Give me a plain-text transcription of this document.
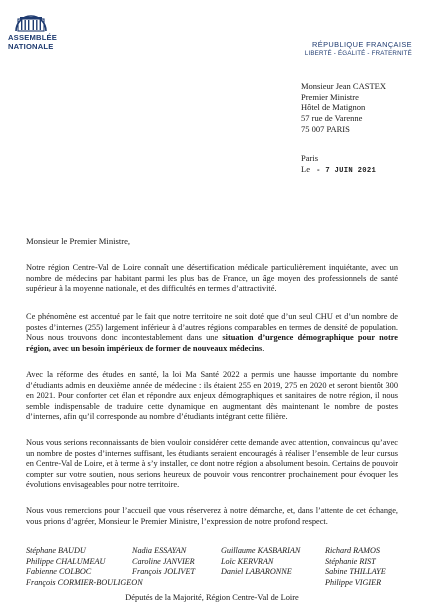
ASSEMBLÉE
NATIONALE	RÉPUBLIQUE FRANÇAISE
LIBERTÉ - ÉGALITÉ - FRATERNITÉ
Monsieur Jean CASTEX
Premier Ministre
Hôtel de Matignon
57 rue de Varenne
75 007 PARIS
Paris
Le - 7 JUIN 2021
Monsieur le Premier Ministre,
Notre région Centre-Val de Loire connaît une désertification médicale particulièrement inquiétante, avec un nombre de médecins par habitant parmi les plus bas de France, un âge moyen des professionnels de santé supérieur à la moyenne nationale, et des difficultés en termes d’attractivité.
Ce phénomène est accentué par le fait que notre territoire ne soit doté que d’un seul CHU et d’un nombre de postes d’internes (255) largement inférieur à d’autres régions comparables en termes de densité de population. Nous nous trouvons donc incontestablement dans une situation d’urgence démographique pour notre région, avec un besoin impérieux de former de nouveaux médecins.
Avec la réforme des études en santé, la loi Ma Santé 2022 a permis une hausse importante du nombre d’étudiants admis en deuxième année de médecine : ils étaient 255 en 2019, 275 en 2020 et seront bientôt 300 en 2021. Pour conforter cet élan et répondre aux enjeux démographiques et sanitaires de notre région, il nous semble indispensable de traduire cette dynamique en augmentant dès maintenant le nombre de postes d’internes, afin qu’il corresponde au nombre d’étudiants intégrant cette filière.
Nous vous serions reconnaissants de bien vouloir considérer cette demande avec attention, convaincus qu’avec un nombre de postes d’internes suffisant, les étudiants seraient encouragés à réaliser l’ensemble de leur cursus en Centre-Val de Loire, et à terme à s’y installer, ce dont notre région a absolument besoin. Certains de pouvoir compter sur votre soutien, nous serions heureux de pouvoir vous rencontrer prochainement pour évoquer les évolutions envisageables pour notre territoire.
Nous vous remercions pour l’accueil que vous réserverez à notre démarche, et, dans l’attente de cet échange, vous prions d’agréer, Monsieur le Premier Ministre, l’expression de notre profond respect.
Stéphane BAUDU
Philippe CHALUMEAU
Fabienne COLBOC
François CORMIER-BOULIGEON
Nadia ESSAYAN
Caroline JANVIER
François JOLIVET
Guillaume KASBARIAN
Loïc KERVRAN
Daniel LABARONNE
Richard RAMOS
Stéphanie RIST
Sabine THILLAYE
Philippe VIGIER
Députés de la Majorité, Région Centre-Val de Loire
